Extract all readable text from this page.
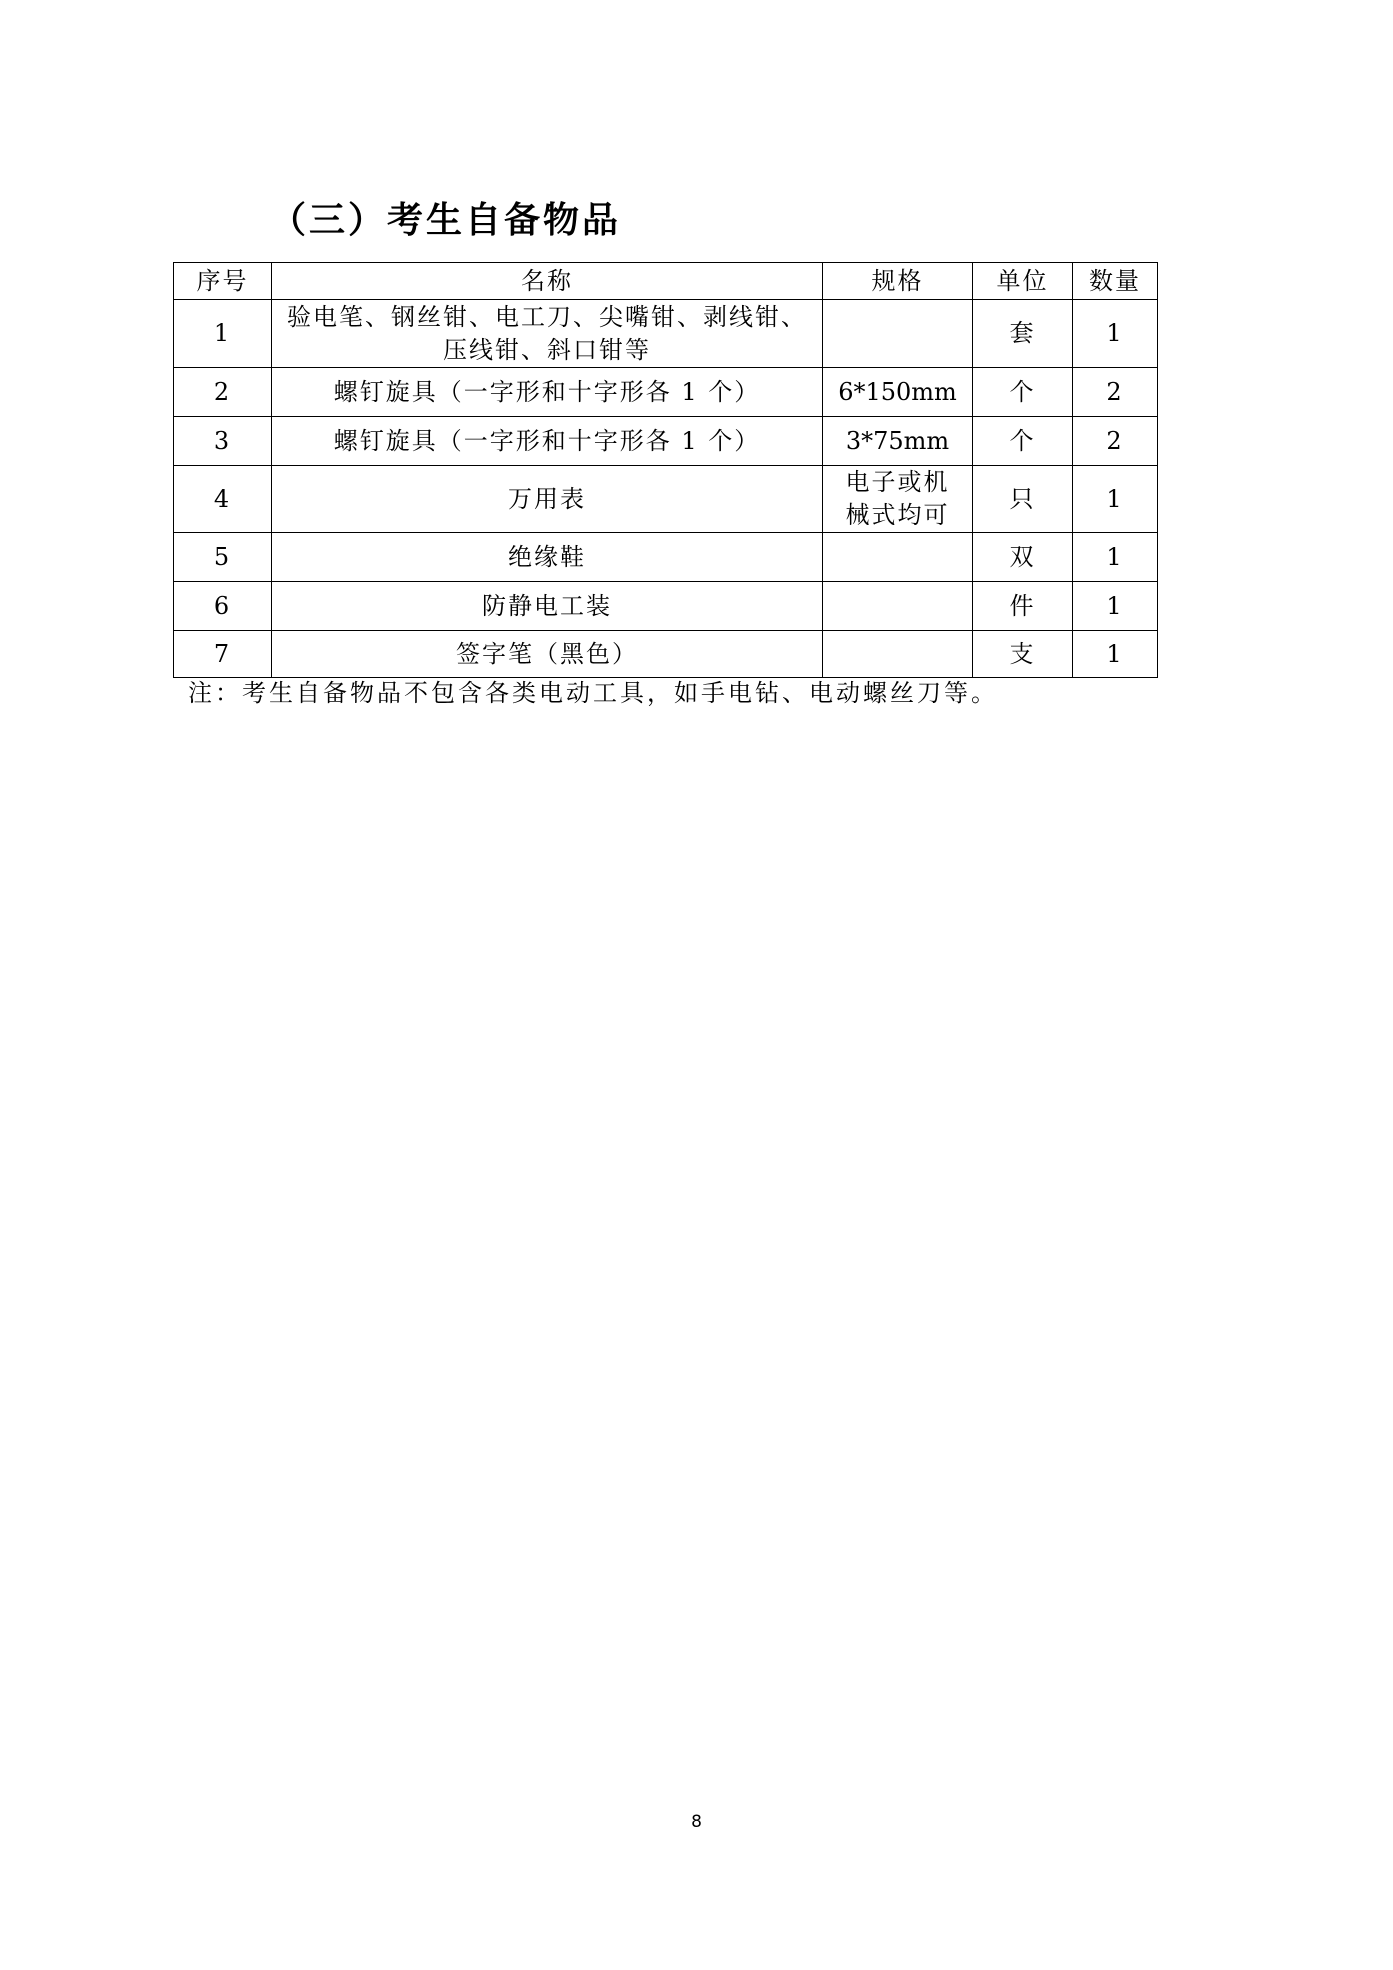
（三）考生自备物品
序号	名称	规格	单位	数量
1	验电笔、钢丝钳、电工刀、尖嘴钳、剥线钳、压线钳、斜口钳等		套	1
2	螺钉旋具（一字形和十字形各 1 个）	6*150mm	个	2
3	螺钉旋具（一字形和十字形各 1 个）	3*75mm	个	2
4	万用表	电子或机械式均可	只	1
5	绝缘鞋		双	1
6	防静电工装		件	1
7	签字笔（黑色）		支	1
注：考生自备物品不包含各类电动工具，如手电钻、电动螺丝刀等。
8
